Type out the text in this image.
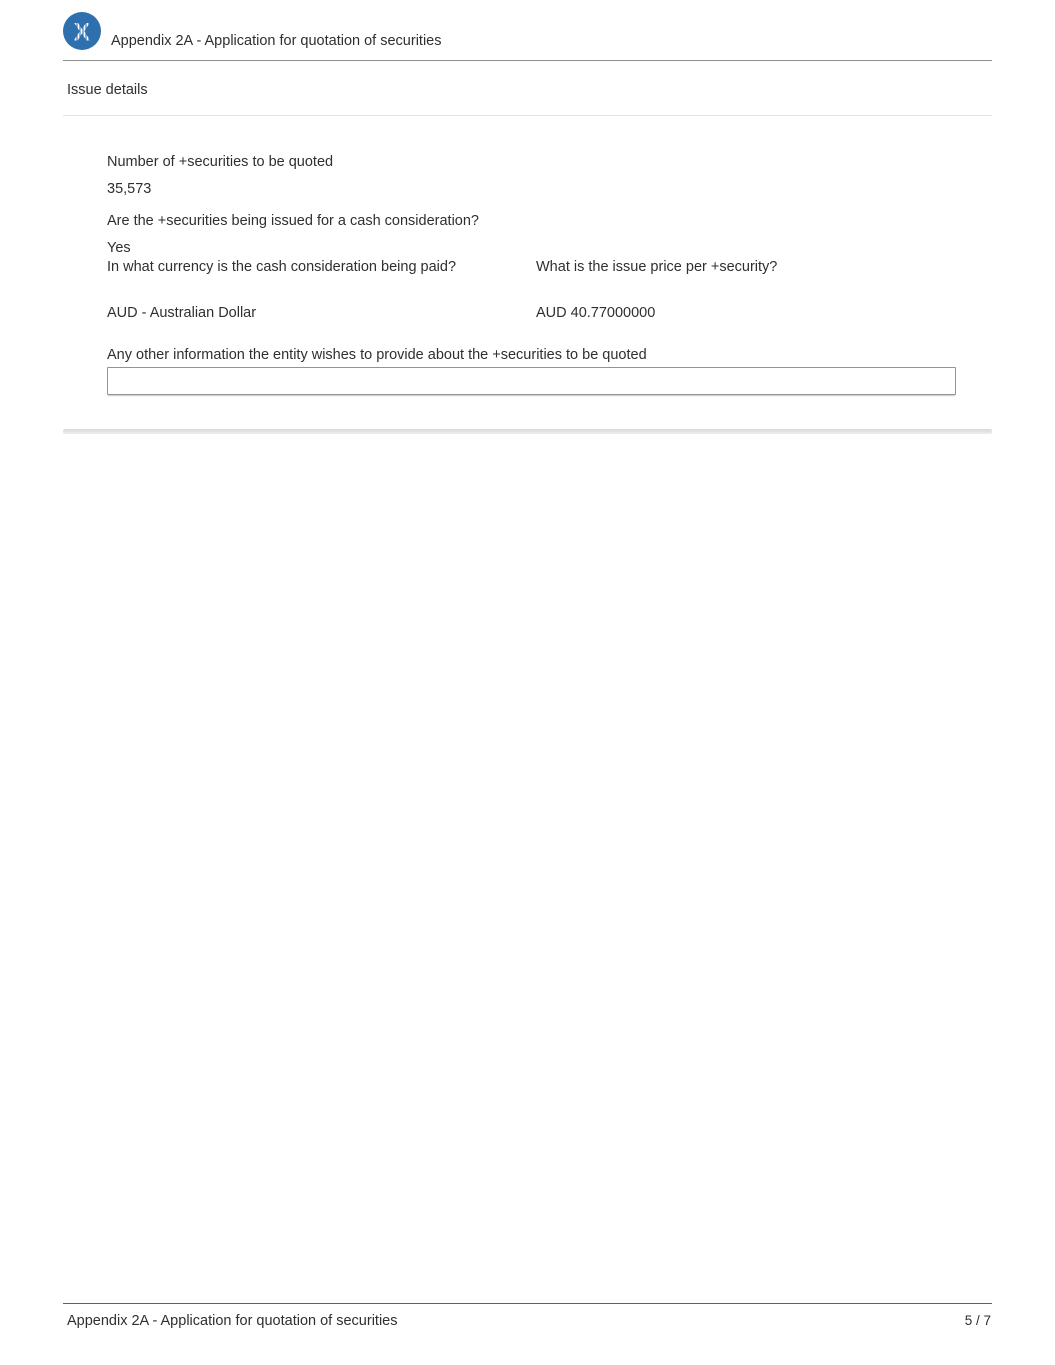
X Appendix 2A - Application for quotation of securities
Issue details
Number of +securities to be quoted
35,573
Are the +securities being issued for a cash consideration?
Yes
In what currency is the cash consideration being paid?
AUD - Australian Dollar
What is the issue price per +security?
AUD 40.77000000
Any other information the entity wishes to provide about the +securities to be quoted
Appendix 2A - Application for quotation of securities	5 / 7
